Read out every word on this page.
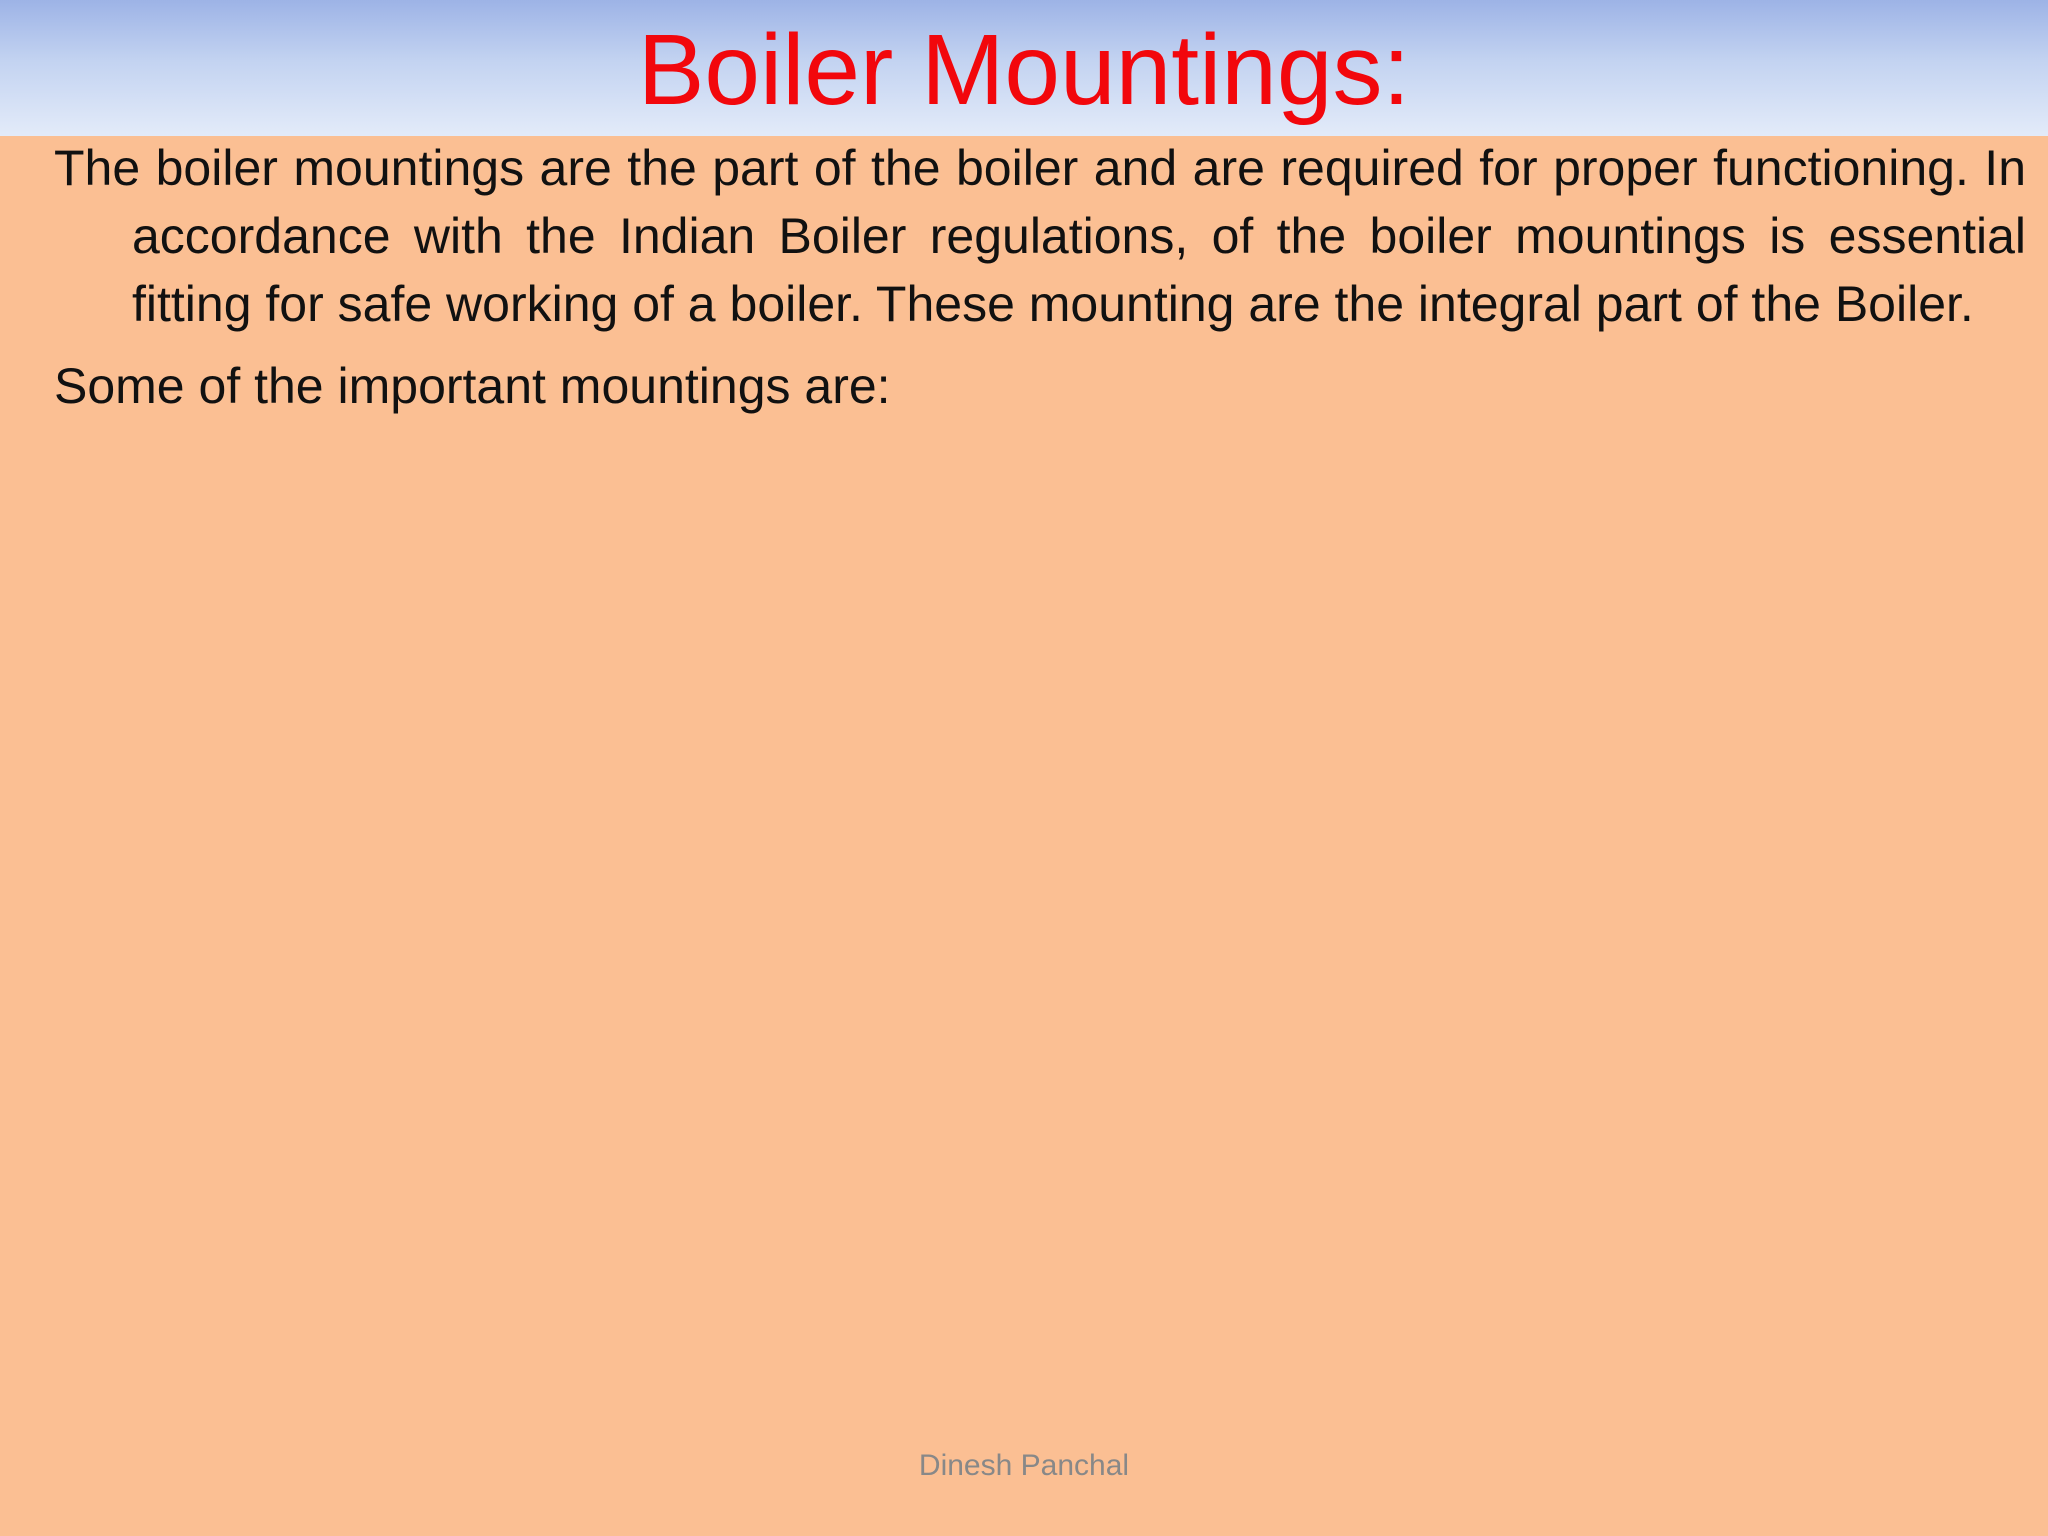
Boiler Mountings:

The boiler mountings are the part of the boiler and are required for proper functioning. In accordance with the Indian Boiler regulations, of the boiler mountings is essential fitting for safe working of a boiler. These mounting are the integral part of the Boiler.

Some of the important mountings are:

Dinesh Panchal
